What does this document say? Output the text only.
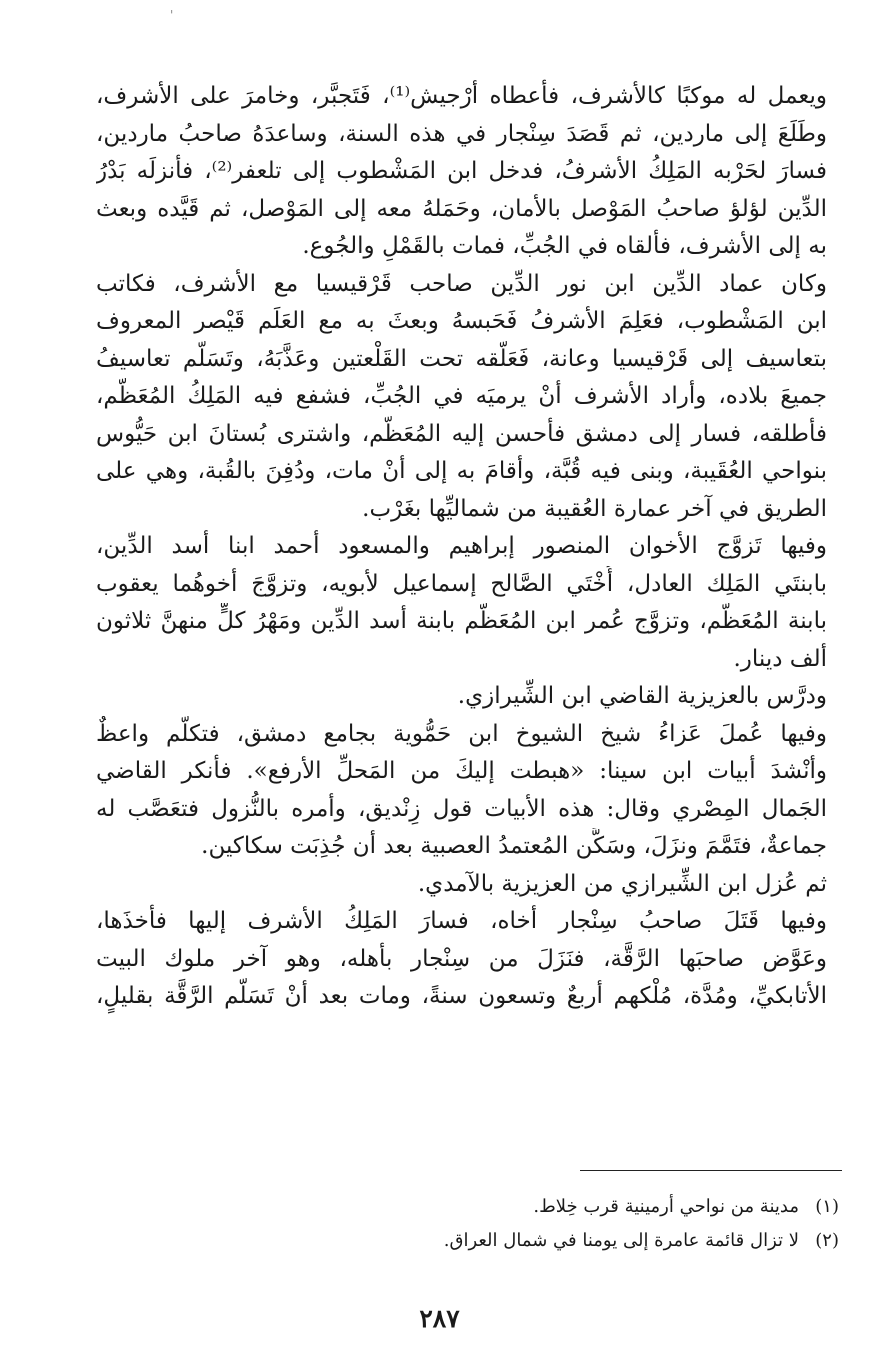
'
ويعمل له موكبًا كالأشرف، فأعطاه أرْجيش⁽¹⁾، فَتَجبَّر، وخامرَ على الأشرف،
وطَلَعَ إلى ماردين، ثم قَصَدَ سِنْجار في هذه السنة، وساعدَهُ صاحبُ ماردين،
فسارَ لحَرْبه المَلِكُ الأشرفُ، فدخل ابن المَشْطوب إلى تلعفر⁽²⁾، فأنزلَه بَدْرُ
الدِّين لؤلؤ صاحبُ المَوْصل بالأمان، وحَمَلهُ معه إلى المَوْصل، ثم قَيَّده وبعث
به إلى الأشرف، فألقاه في الجُبِّ، فمات بالقَمْلِ والجُوع.
وكان عماد الدِّين ابن نور الدِّين صاحب قَرْقيسيا مع الأشرف، فكاتب
ابن المَشْطوب، فعَلِمَ الأشرفُ فَحَبسهُ وبعثَ به مع العَلَم قَيْصر المعروف
بتعاسيف إلى قَرْقيسيا وعانة، فَعَلَّقه تحت القَلْعتين وعَذَّبَهُ، وتَسَلَّم تعاسيفُ
جميعَ بلاده، وأراد الأشرف أنْ يرميَه في الجُبِّ، فشفع فيه المَلِكُ المُعَظَّم،
فأطلقه، فسار إلى دمشق فأحسن إليه المُعَظَّم، واشترى بُستانَ ابن حَيُّوس
بنواحي العُقَيبة، وبنى فيه قُبَّة، وأقامَ به إلى أنْ مات، ودُفِنَ بالقُبة، وهي على
الطريق في آخر عمارة العُقيبة من شماليِّها بغَرْب.
وفيها تَزوَّج الأخوان المنصور إبراهيم والمسعود أحمد ابنا أسد الدِّين،
بابنتَي المَلِك العادل، أُخْتَي الصَّالح إسماعيل لأبويه، وتزوَّجَ أخوهُما يعقوب
بابنة المُعَظَّم، وتزوَّج عُمر ابن المُعَظَّم بابنة أسد الدِّين ومَهْرُ كلٍّ منهنَّ ثلاثون
ألف دينار.
ودرَّس بالعزيزية القاضي ابن الشِّيرازي.
وفيها عُملَ عَزاءُ شيخ الشيوخ ابن حَمُّوية بجامع دمشق، فتكلَّم واعظٌ
وأنْشدَ أبيات ابن سينا: «هبطت إليكَ من المَحلِّ الأرفع». فأنكر القاضي
الجَمال المِصْري وقال: هذه الأبيات قول زِنْديق، وأمره بالنُّزول فتعَصَّب له
جماعةٌ، فتَمَّمَ ونزَلَ، وسَكَّن المُعتمدُ العصبية بعد أن جُذِبَت سكاكين.
ثم عُزل ابن الشِّيرازي من العزيزية بالآمدي.
وفيها قَتَلَ صاحبُ سِنْجار أخاه، فسارَ المَلِكُ الأشرف إليها فأخذَها،
وعَوَّض صاحبَها الرَّقَّة، فنَزَلَ من سِنْجار بأهله، وهو آخر ملوك البيت
الأتابكيِّ، ومُدَّة، مُلْكهم أربعٌ وتسعون سنةً، ومات بعد أنْ تَسَلَّم الرَّقَّة بقليلٍ،
(١)
مدينة من نواحي أرمينية قرب خِلاط.
(٢)
لا تزال قائمة عامرة إلى يومنا في شمال العراق.
٢٨٧
